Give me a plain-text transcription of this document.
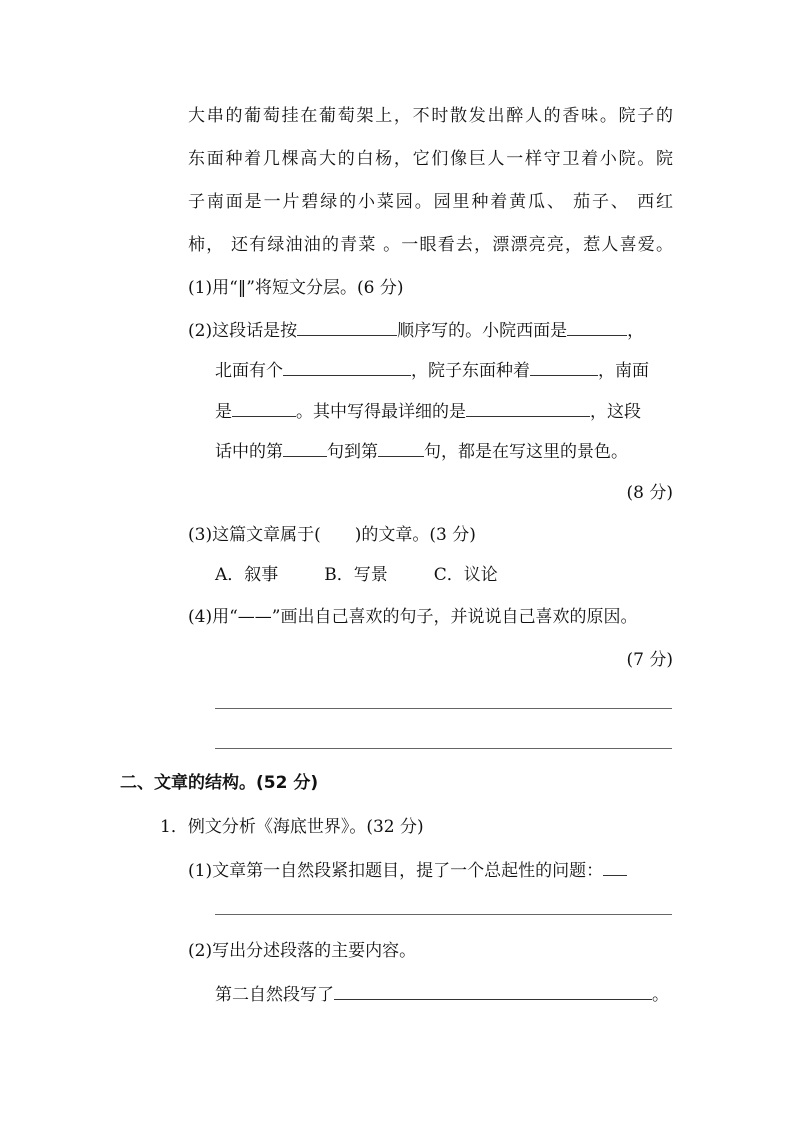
大串的葡萄挂在葡萄架上，不时散发出醉人的香味。院子的
东面种着几棵高大的白杨，它们像巨人一样守卫着小院。院
子南面是一片碧绿的小菜园。园里种着黄瓜、 茄子、 西红
柿， 还有绿油油的青菜 。一眼看去，漂漂亮亮，惹人喜爱。
(1)用“‖”将短文分层。(6 分)
(2)这段话是按	顺序写的。小院西面是	，
北面有个	，院子东面种着	，南面
是	。其中写得最详细的是	，这段
话中的第	句到第	句，都是在写这里的景色。
(8 分)
(3)这篇文章属于(　　)的文章。(3 分)
A．叙事	B．写景	C．议论
(4)用“——”画出自己喜欢的句子，并说说自己喜欢的原因。
(7 分)
二、文章的结构。(52 分)
1．例文分析《海底世界》。(32 分)
(1)文章第一自然段紧扣题目，提了一个总起性的问题：
(2)写出分述段落的主要内容。
第二自然段写了	。
